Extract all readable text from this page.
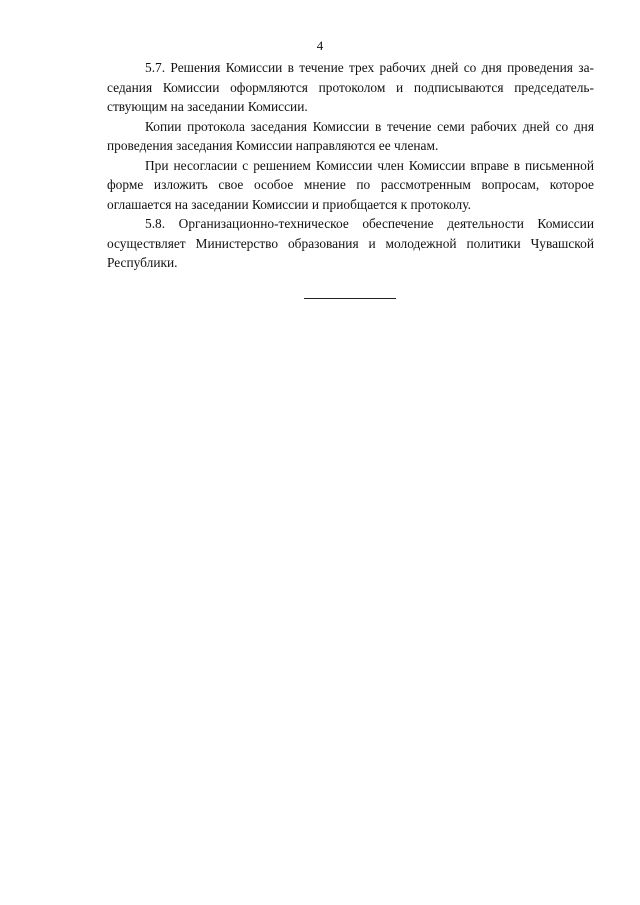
4

5.7. Решения Комиссии в течение трех рабочих дней со дня проведения заседания Комиссии оформляются протоколом и подписываются председательствующим на заседании Комиссии.

Копии протокола заседания Комиссии в течение семи рабочих дней со дня проведения заседания Комиссии направляются ее членам.

При несогласии с решением Комиссии член Комиссии вправе в письменной форме изложить свое особое мнение по рассмотренным вопросам, которое оглашается на заседании Комиссии и приобщается к протоколу.

5.8. Организационно-техническое обеспечение деятельности Комиссии осуществляет Министерство образования и молодежной политики Чувашской Республики.
